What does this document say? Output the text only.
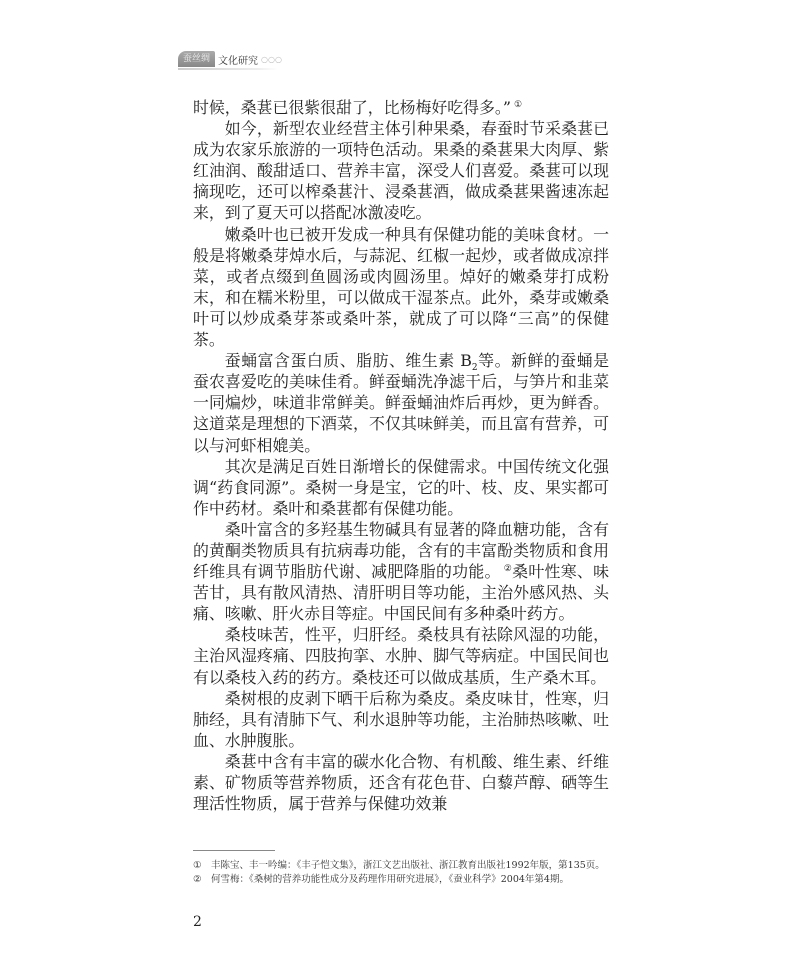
蚕丝绸 文化研究 ○○○

时候，桑葚已很紫很甜了，比杨梅好吃得多。” ①

如今，新型农业经营主体引种果桑，春蚕时节采桑葚已成为农家乐旅游的一项特色活动。果桑的桑葚果大肉厚、紫红油润、酸甜适口、营养丰富，深受人们喜爱。桑葚可以现摘现吃，还可以榨桑葚汁、浸桑葚酒，做成桑葚果酱速冻起来，到了夏天可以搭配冰激凌吃。

嫩桑叶也已被开发成一种具有保健功能的美味食材。一般是将嫩桑芽焯水后，与蒜泥、红椒一起炒，或者做成凉拌菜，或者点缀到鱼圆汤或肉圆汤里。焯好的嫩桑芽打成粉末，和在糯米粉里，可以做成干湿茶点。此外，桑芽或嫩桑叶可以炒成桑芽茶或桑叶茶，就成了可以降“三高”的保健茶。

蚕蛹富含蛋白质、脂肪、维生素 $B_2$等。新鲜的蚕蛹是蚕农喜爱吃的美味佳肴。鲜蚕蛹洗净滤干后，与笋片和韭菜一同煸炒，味道非常鲜美。鲜蚕蛹油炸后再炒，更为鲜香。这道菜是理想的下酒菜，不仅其味鲜美，而且富有营养，可以与河虾相媲美。

其次是满足百姓日渐增长的保健需求。中国传统文化强调“药食同源”。桑树一身是宝，它的叶、枝、皮、果实都可作中药材。桑叶和桑葚都有保健功能。

桑叶富含的多羟基生物碱具有显著的降血糖功能，含有的黄酮类物质具有抗病毒功能，含有的丰富酚类物质和食用纤维具有调节脂肪代谢、减肥降脂的功能。 ②桑叶性寒、味苦甘，具有散风清热、清肝明目等功能，主治外感风热、头痛、咳嗽、肝火赤目等症。中国民间有多种桑叶药方。

桑枝味苦，性平，归肝经。桑枝具有祛除风湿的功能，主治风湿疼痛、四肢拘挛、水肿、脚气等病症。中国民间也有以桑枝入药的药方。桑枝还可以做成基质，生产桑木耳。

桑树根的皮剥下晒干后称为桑皮。桑皮味甘，性寒，归肺经，具有清肺下气、利水退肿等功能，主治肺热咳嗽、吐血、水肿腹胀。

桑葚中含有丰富的碳水化合物、有机酸、维生素、纤维素、矿物质等营养物质，还含有花色苷、白藜芦醇、硒等生理活性物质，属于营养与保健功效兼

① 丰陈宝、丰一吟编：《丰子恺文集》，浙江文艺出版社、浙江教育出版社1992年版，第135页。
② 何雪梅：《桑树的营养功能性成分及药理作用研究进展》，《蚕业科学》2004年第4期。
2
